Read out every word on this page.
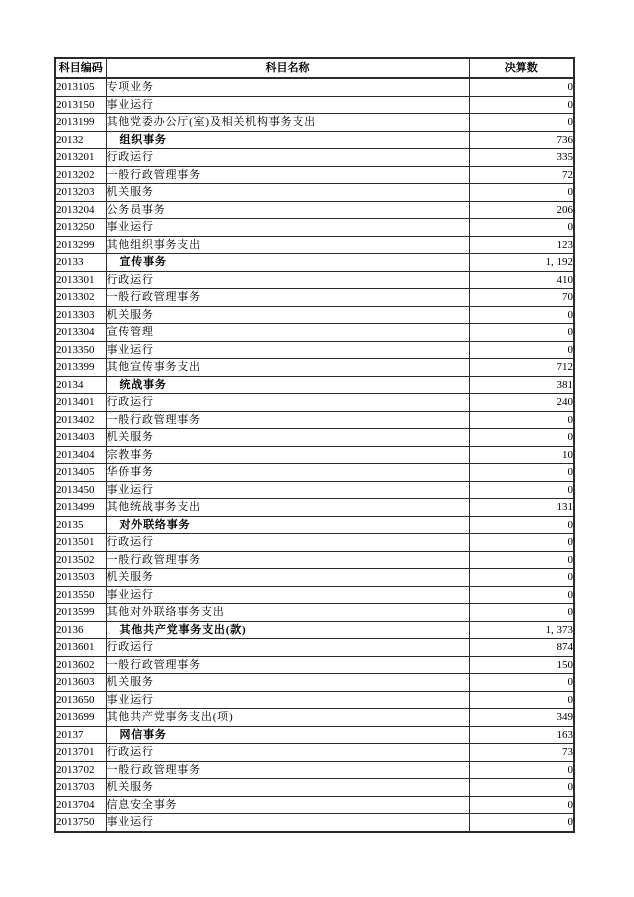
科目编码	科目名称	决算数
2013105	专项业务	0
2013150	事业运行	0
2013199	其他党委办公厅(室)及相关机构事务支出	0
20132	组织事务	736
2013201	行政运行	335
2013202	一般行政管理事务	72
2013203	机关服务	0
2013204	公务员事务	206
2013250	事业运行	0
2013299	其他组织事务支出	123
20133	宣传事务	1, 192
2013301	行政运行	410
2013302	一般行政管理事务	70
2013303	机关服务	0
2013304	宣传管理	0
2013350	事业运行	0
2013399	其他宣传事务支出	712
20134	统战事务	381
2013401	行政运行	240
2013402	一般行政管理事务	0
2013403	机关服务	0
2013404	宗教事务	10
2013405	华侨事务	0
2013450	事业运行	0
2013499	其他统战事务支出	131
20135	对外联络事务	0
2013501	行政运行	0
2013502	一般行政管理事务	0
2013503	机关服务	0
2013550	事业运行	0
2013599	其他对外联络事务支出	0
20136	其他共产党事务支出(款)	1, 373
2013601	行政运行	874
2013602	一般行政管理事务	150
2013603	机关服务	0
2013650	事业运行	0
2013699	其他共产党事务支出(项)	349
20137	网信事务	163
2013701	行政运行	73
2013702	一般行政管理事务	0
2013703	机关服务	0
2013704	信息安全事务	0
2013750	事业运行	0
